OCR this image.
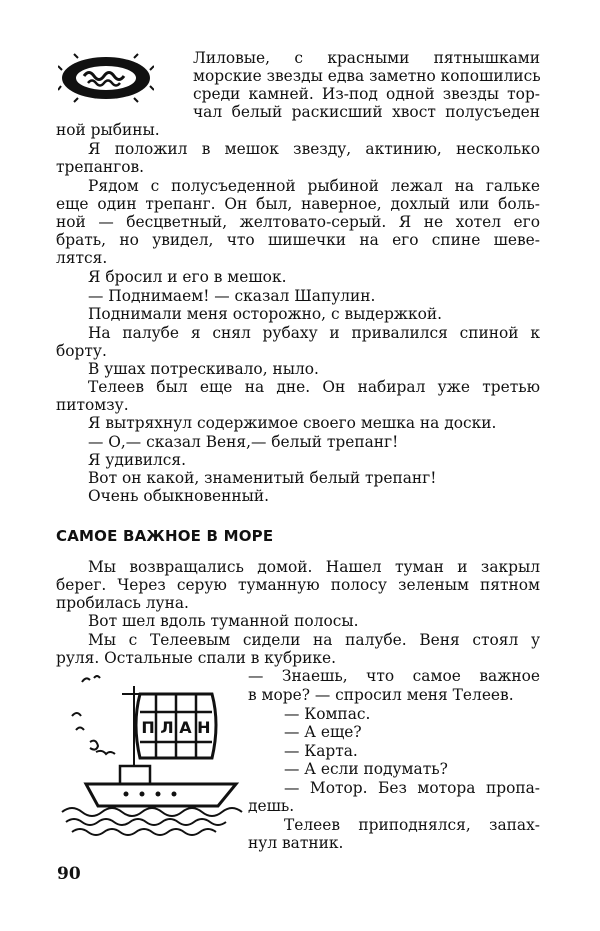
Лиловые, с красными пятнышками
морские звезды едва заметно копошились
среди камней. Из-под одной звезды тор-
чал белый раскисший хвост полусъеден
ной рыбины.
Я положил в мешок звезду, актинию, несколько
трепангов.
Рядом с полусъеденной рыбиной лежал на гальке
еще один трепанг. Он был, наверное, дохлый или боль-
ной — бесцветный, желтовато-серый. Я не хотел его
брать, но увидел, что шишечки на его спине шеве-
лятся.
Я бросил и его в мешок.
— Поднимаем! — сказал Шапулин.
Поднимали меня осторожно, с выдержкой.
На палубе я снял рубаху и привалился спиной к
борту.
В ушах потрескивало, ныло.
Телеев был еще на дне. Он набирал уже третью
питомзу.
Я вытряхнул содержимое своего мешка на доски.
— О,— сказал Веня,— белый трепанг!
Я удивился.
Вот он какой, знаменитый белый трепанг!
Очень обыкновенный.
САМОЕ ВАЖНОЕ В МОРЕ
Мы возвращались домой. Нашел туман и закрыл
берег. Через серую туманную полосу зеленым пятном
пробилась луна.
Вот шел вдоль туманной полосы.
Мы с Телеевым сидели на палубе. Веня стоял у
руля. Остальные спали в кубрике.
П Л А Н
— Знаешь, что самое важное
в море? — спросил меня Телеев.
— Компас.
— А еще?
— Карта.
— А если подумать?
— Мотор. Без мотора пропа-
дешь.
Телеев приподнялся, запах-
нул ватник.
90
